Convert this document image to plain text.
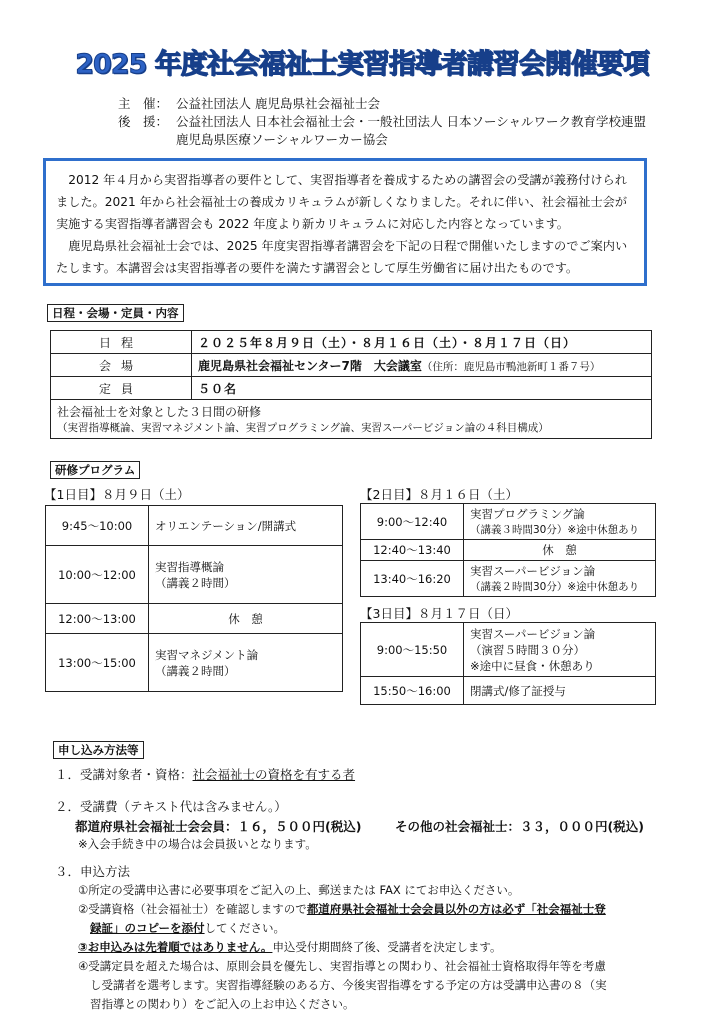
2025 年度社会福祉士実習指導者講習会開催要項
主　催： 公益社団法人 鹿児島県社会福祉士会
後　援： 公益社団法人 日本社会福祉士会・一般社団法人 日本ソーシャルワーク教育学校連盟
鹿児島県医療ソーシャルワーカー協会

2012 年４月から実習指導者の要件として、実習指導者を養成するための講習会の受講が義務付けられました。2021 年から社会福祉士の養成カリキュラムが新しくなりました。それに伴い、社会福祉士会が実施する実習指導者講習会も 2022 年度より新カリキュラムに対応した内容となっています。

鹿児島県社会福祉士会では、2025 年度実習指導者講習会を下記の日程で開催いたしますのでご案内いたします。本講習会は実習指導者の要件を満たす講習会として厚生労働省に届け出たものです。

日程・会場・定員・内容
日程	２０２５年８月９日（土）・８月１６日（土）・８月１７日（日）
会場	鹿児島県社会福祉センター7階　大会議室（住所：鹿児島市鴨池新町１番７号）
定員	５０名

社会福祉士を対象とした３日間の研修
（実習指導概論、実習マネジメント論、実習プログラミング論、実習スーパービジョン論の４科目構成）	
研修プログラム
【1日目】８月９日（土）
9:45～10:00	オリエンテーション/開講式
10:00～12:00	実習指導概論
（講義２時間）

12:00～13:00	休　憩
13:00～15:00	実習マネジメント論
（講義２時間）
【2日目】８月１６日（土）
9:00～12:40	実習プログラミング論
（講義３時間30分）※途中休憩あり

12:40～13:40	休　憩
13:40～16:20	実習スーパービジョン論
（講義２時間30分）※途中休憩あり
【3日目】８月１７日（日）
9:00～15:50	実習スーパービジョン論
（演習５時間３０分）
※途中に昼食・休憩あり

15:50～16:00	閉講式/修了証授与
申し込み方法等
１．受講対象者・資格：社会福祉士の資格を有する者
２．受講費（テキスト代は含みません。）
都道府県社会福祉士会会員：１６，５００円(税込)	その他の社会福祉士：３３，０００円(税込)
※入会手続き中の場合は会員扱いとなります。
３．申込方法
①所定の受講申込書に必要事項をご記入の上、郵送または FAX にてお申込ください。
②受講資格（社会福祉士）を確認しますので都道府県社会福祉士会会員以外の方は必ず「社会福祉士登
録証」のコピーを添付してください。
③お申込みは先着順ではありません。申込受付期間終了後、受講者を決定します。
④受講定員を超えた場合は、原則会員を優先し、実習指導との関わり、社会福祉士資格取得年等を考慮
し受講者を選考します。実習指導経験のある方、今後実習指導をする予定の方は受講申込書の８（実
習指導との関わり）をご記入の上お申込ください。
